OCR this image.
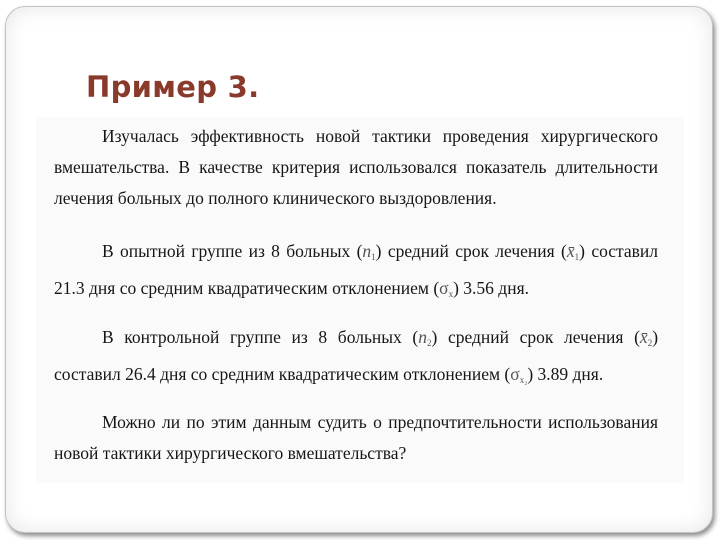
Пример 3.

Изучалась эффективность новой тактики проведения хирургического вмешательства. В качестве критерия использовался показатель длительности лечения больных до полного клинического выздоровления.

В опытной группе из 8 больных $(n_1)$ средний срок лечения $(x̄_1)$ составил 21.3 дня со средним квадратическим отклонением $(\sigma_x)$ 3.56 дня.

В контрольной группе из 8 больных $(n_2)$ средний срок лечения $(x̄_2)$ составил 26.4 дня со средним квадратическим отклонением $(\sigma_{x_2})$ 3.89 дня.

Можно ли по этим данным судить о предпочтительности использования новой тактики хирургического вмешательства?
